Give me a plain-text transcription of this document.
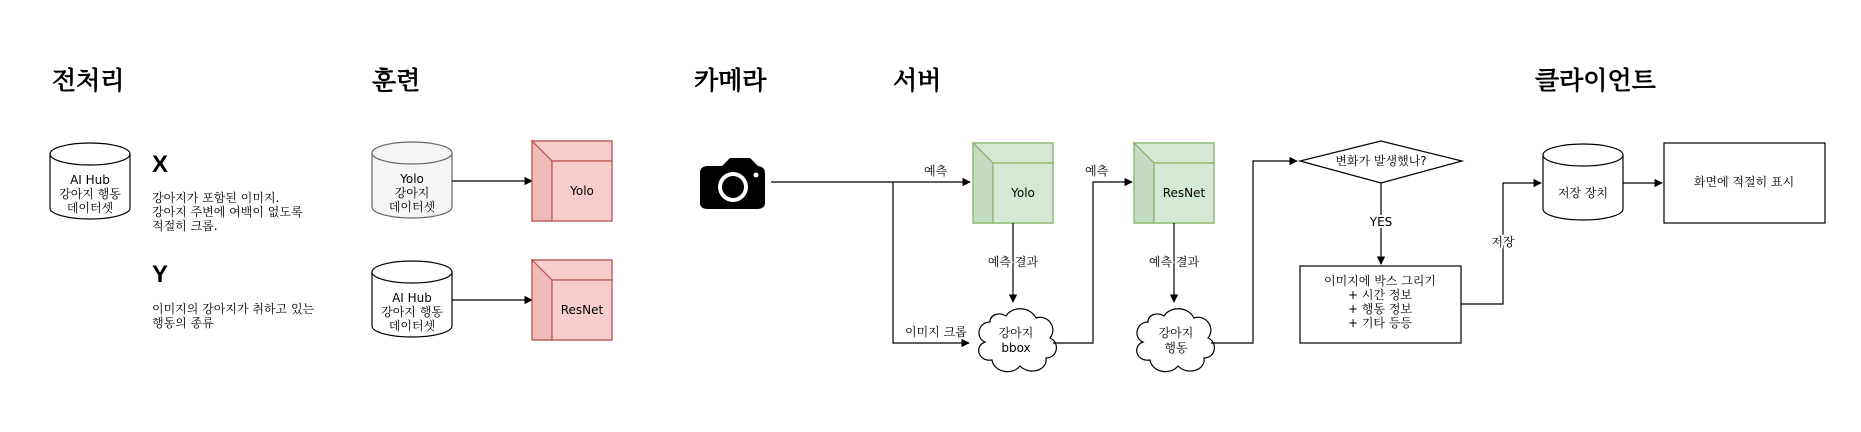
전처리	훈련	카메라	서버	클라이언트
AI Hub
강아지 행동
데이터셋
X
강아지가 포함된 이미지.
강아지 주변에 여백이 없도록
적절히 크롭.
Y
이미지의 강아지가 취하고 있는
행동의 종류
Yolo
강아지
데이터셋
Yolo
AI Hub
강아지 행동
데이터셋
ResNet
예측
이미지 크롭
Yolo
예측 결과
강아지
bbox
예측
ResNet
예측 결과
강아지
행동
변화가 발생했나?
YES
이미지에 박스 그리기
+ 시간 정보
+ 행동 정보
+ 기타 등등
저장
저장 장치
화면에 적절히 표시
